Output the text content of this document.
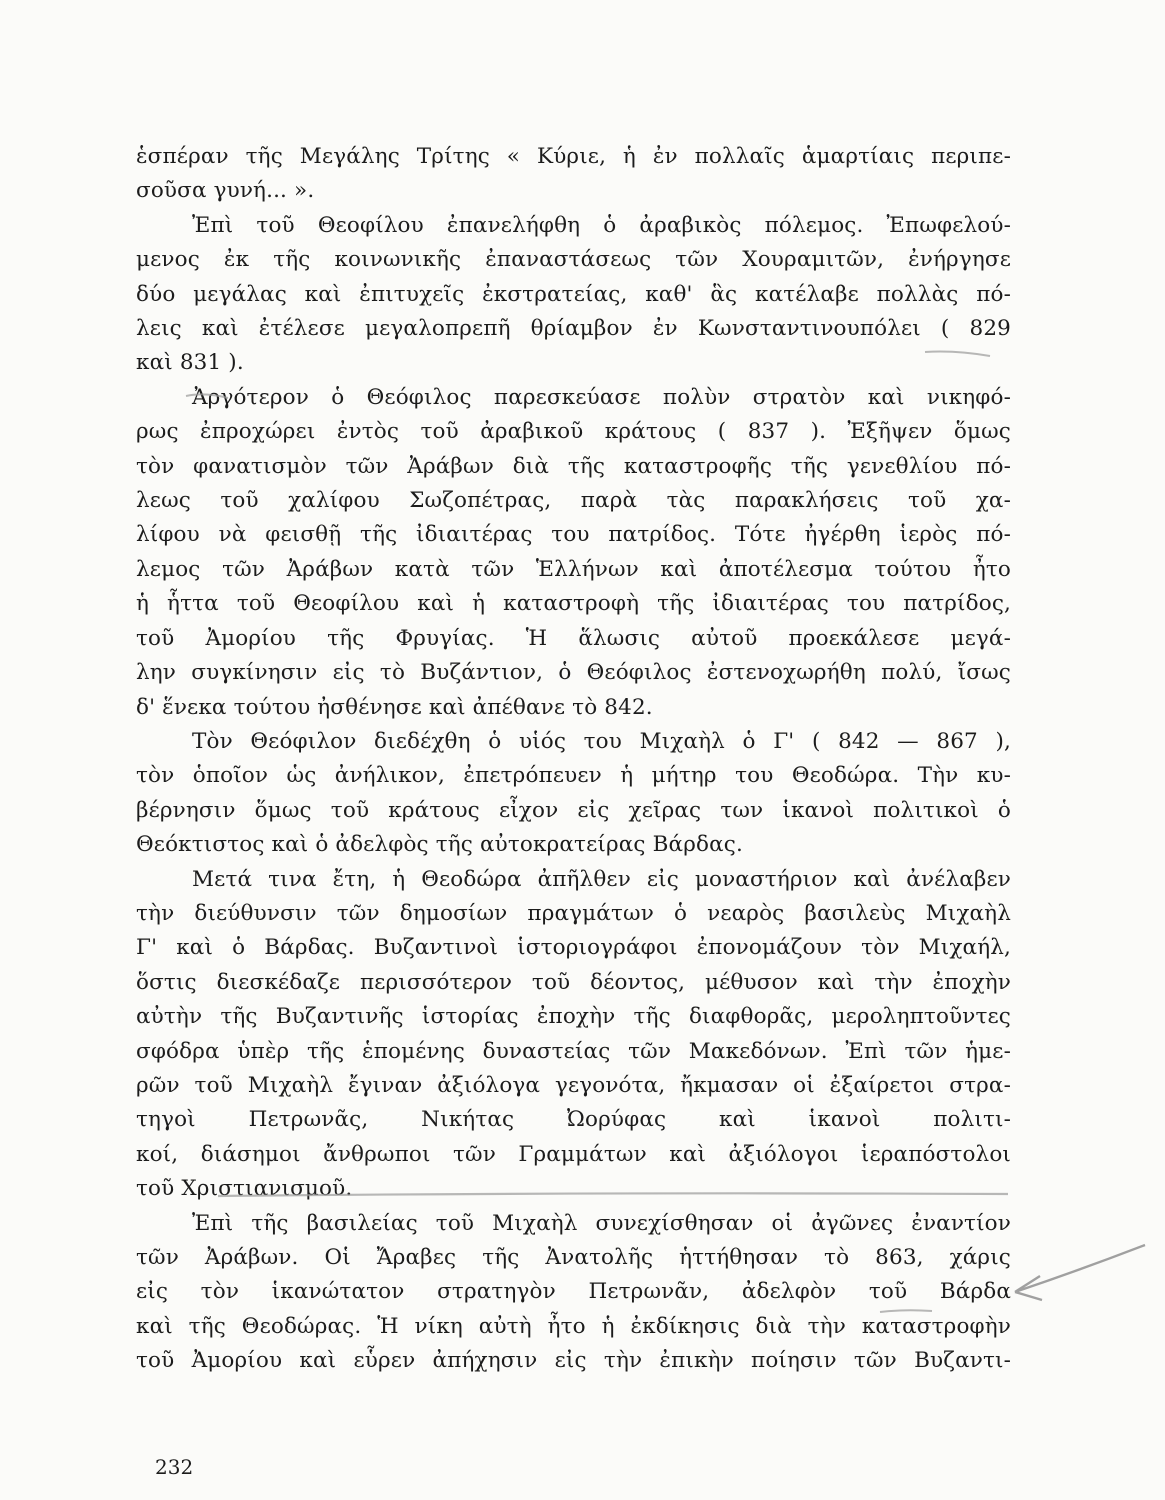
ἑσπέραν τῆς Μεγάλης Τρίτης « Κύριε, ἡ ἐν πολλαῖς ἁμαρτίαις περιπε-
σοῦσα γυνή... ».
Ἐπὶ τοῦ Θεοφίλου ἐπανελήφθη ὁ ἀραβικὸς πόλεμος. Ἐπωφελού-
μενος ἐκ τῆς κοινωνικῆς ἐπαναστάσεως τῶν Χουραμιτῶν, ἐνήργησε
δύο μεγάλας καὶ ἐπιτυχεῖς ἐκστρατείας, καθ' ἃς κατέλαβε πολλὰς πό-
λεις καὶ ἐτέλεσε μεγαλοπρεπῆ θρίαμβον ἐν Κωνσταντινουπόλει ( 829
καὶ 831 ).
Ἀργότερον ὁ Θεόφιλος παρεσκεύασε πολὺν στρατὸν καὶ νικηφό-
ρως ἐπροχώρει ἐντὸς τοῦ ἀραβικοῦ κράτους ( 837 ). Ἐξῆψεν ὅμως
τὸν φανατισμὸν τῶν Ἀράβων διὰ τῆς καταστροφῆς τῆς γενεθλίου πό-
λεως τοῦ χαλίφου Σωζοπέτρας, παρὰ τὰς παρακλήσεις τοῦ χα-
λίφου νὰ φεισθῇ τῆς ἰδιαιτέρας του πατρίδος. Τότε ἠγέρθη ἱερὸς πό-
λεμος τῶν Ἀράβων κατὰ τῶν Ἑλλήνων καὶ ἀποτέλεσμα τούτου ἦτο
ἡ ἧττα τοῦ Θεοφίλου καὶ ἡ καταστροφὴ τῆς ἰδιαιτέρας του πατρίδος,
τοῦ Ἀμορίου τῆς Φρυγίας. Ἡ ἅλωσις αὐτοῦ προεκάλεσε μεγά-
λην συγκίνησιν εἰς τὸ Βυζάντιον, ὁ Θεόφιλος ἐστενοχωρήθη πολύ, ἴσως
δ' ἕνεκα τούτου ἠσθένησε καὶ ἀπέθανε τὸ 842.
Τὸν Θεόφιλον διεδέχθη ὁ υἱός του Μιχαὴλ ὁ Γ' ( 842 — 867 ),
τὸν ὁποῖον ὡς ἀνήλικον, ἐπετρόπευεν ἡ μήτηρ του Θεοδώρα. Τὴν κυ-
βέρνησιν ὅμως τοῦ κράτους εἶχον εἰς χεῖρας των ἱκανοὶ πολιτικοὶ ὁ
Θεόκτιστος καὶ ὁ ἀδελφὸς τῆς αὐτοκρατείρας Βάρδας.
Μετά τινα ἔτη, ἡ Θεοδώρα ἀπῆλθεν εἰς μοναστήριον καὶ ἀνέλαβεν
τὴν διεύθυνσιν τῶν δημοσίων πραγμάτων ὁ νεαρὸς βασιλεὺς Μιχαὴλ
Γ' καὶ ὁ Βάρδας. Βυζαντινοὶ ἱστοριογράφοι ἐπονομάζουν τὸν Μιχαήλ,
ὅστις διεσκέδαζε περισσότερον τοῦ δέοντος, μέθυσον καὶ τὴν ἐποχὴν
αὐτὴν τῆς Βυζαντινῆς ἱστορίας ἐποχὴν τῆς διαφθορᾶς, μεροληπτοῦντες
σφόδρα ὑπὲρ τῆς ἑπομένης δυναστείας τῶν Μακεδόνων. Ἐπὶ τῶν ἡμε-
ρῶν τοῦ Μιχαὴλ ἔγιναν ἀξιόλογα γεγονότα, ἤκμασαν οἱ ἐξαίρετοι στρα-
τηγοὶ Πετρωνᾶς, Νικήτας Ὠορύφας καὶ ἱκανοὶ πολιτι-
κοί, διάσημοι ἄνθρωποι τῶν Γραμμάτων καὶ ἀξιόλογοι ἱεραπόστολοι
τοῦ Χριστιανισμοῦ.
Ἐπὶ τῆς βασιλείας τοῦ Μιχαὴλ συνεχίσθησαν οἱ ἀγῶνες ἐναντίον
τῶν Ἀράβων. Οἱ Ἄραβες τῆς Ἀνατολῆς ἡττήθησαν τὸ 863, χάρις
εἰς τὸν ἱκανώτατον στρατηγὸν Πετρωνᾶν, ἀδελφὸν τοῦ Βάρδα
καὶ τῆς Θεοδώρας. Ἡ νίκη αὐτὴ ἦτο ἡ ἐκδίκησις διὰ τὴν καταστροφὴν
τοῦ Ἀμορίου καὶ εὗρεν ἀπήχησιν εἰς τὴν ἐπικὴν ποίησιν τῶν Βυζαντι-
232
